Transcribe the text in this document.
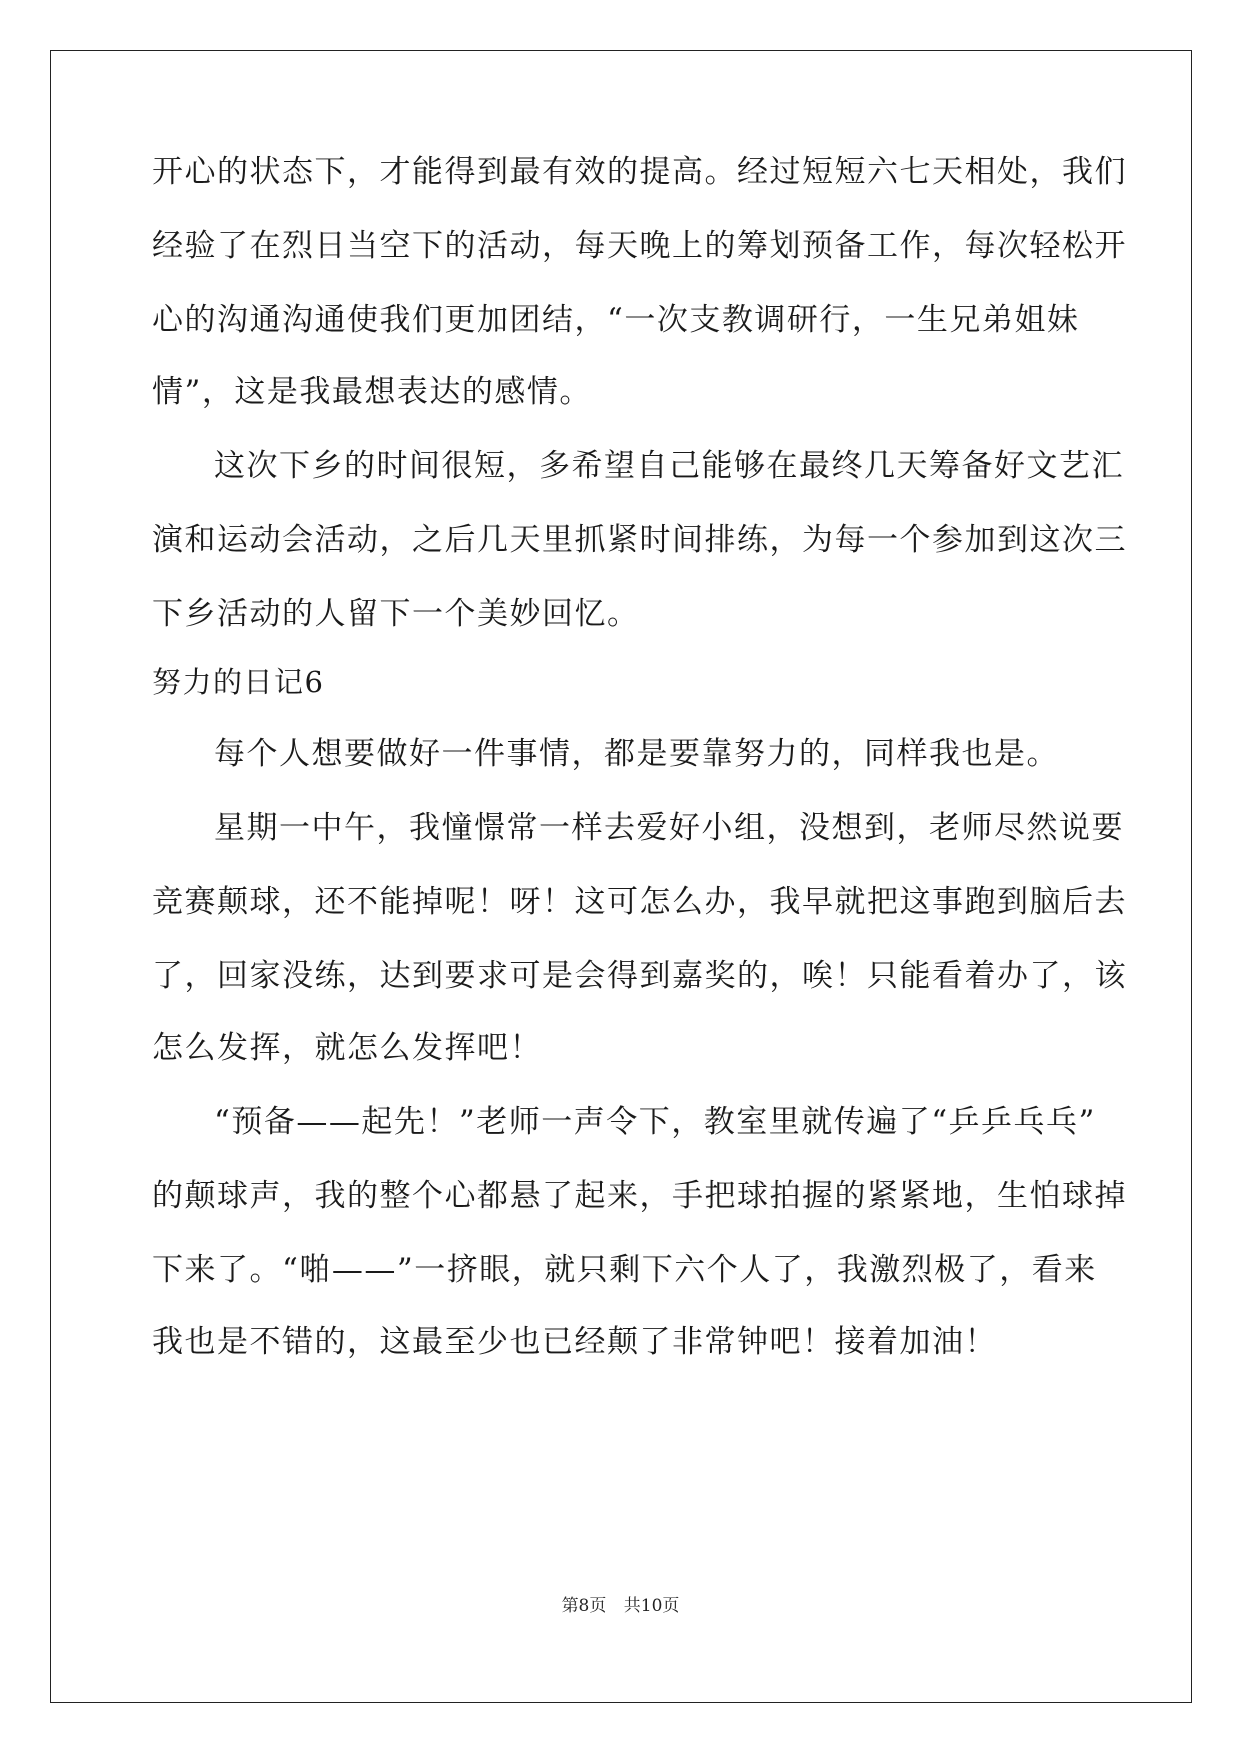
开心的状态下，才能得到最有效的提高。经过短短六七天相处，我们
经验了在烈日当空下的活动，每天晚上的筹划预备工作，每次轻松开
心的沟通沟通使我们更加团结，“一次支教调研行，一生兄弟姐妹
情”，这是我最想表达的感情。
这次下乡的时间很短，多希望自己能够在最终几天筹备好文艺汇
演和运动会活动，之后几天里抓紧时间排练，为每一个参加到这次三
下乡活动的人留下一个美妙回忆。
努力的日记6
每个人想要做好一件事情，都是要靠努力的，同样我也是。
星期一中午，我憧憬常一样去爱好小组，没想到，老师尽然说要
竞赛颠球，还不能掉呢！呀！这可怎么办，我早就把这事跑到脑后去
了，回家没练，达到要求可是会得到嘉奖的，唉！只能看着办了，该
怎么发挥，就怎么发挥吧！
“预备——起先！”老师一声令下，教室里就传遍了“乒乒乓乓”
的颠球声，我的整个心都悬了起来，手把球拍握的紧紧地，生怕球掉
下来了。“啪——”一挤眼，就只剩下六个人了，我激烈极了，看来
我也是不错的，这最至少也已经颠了非常钟吧！接着加油！
第8页 共10页
